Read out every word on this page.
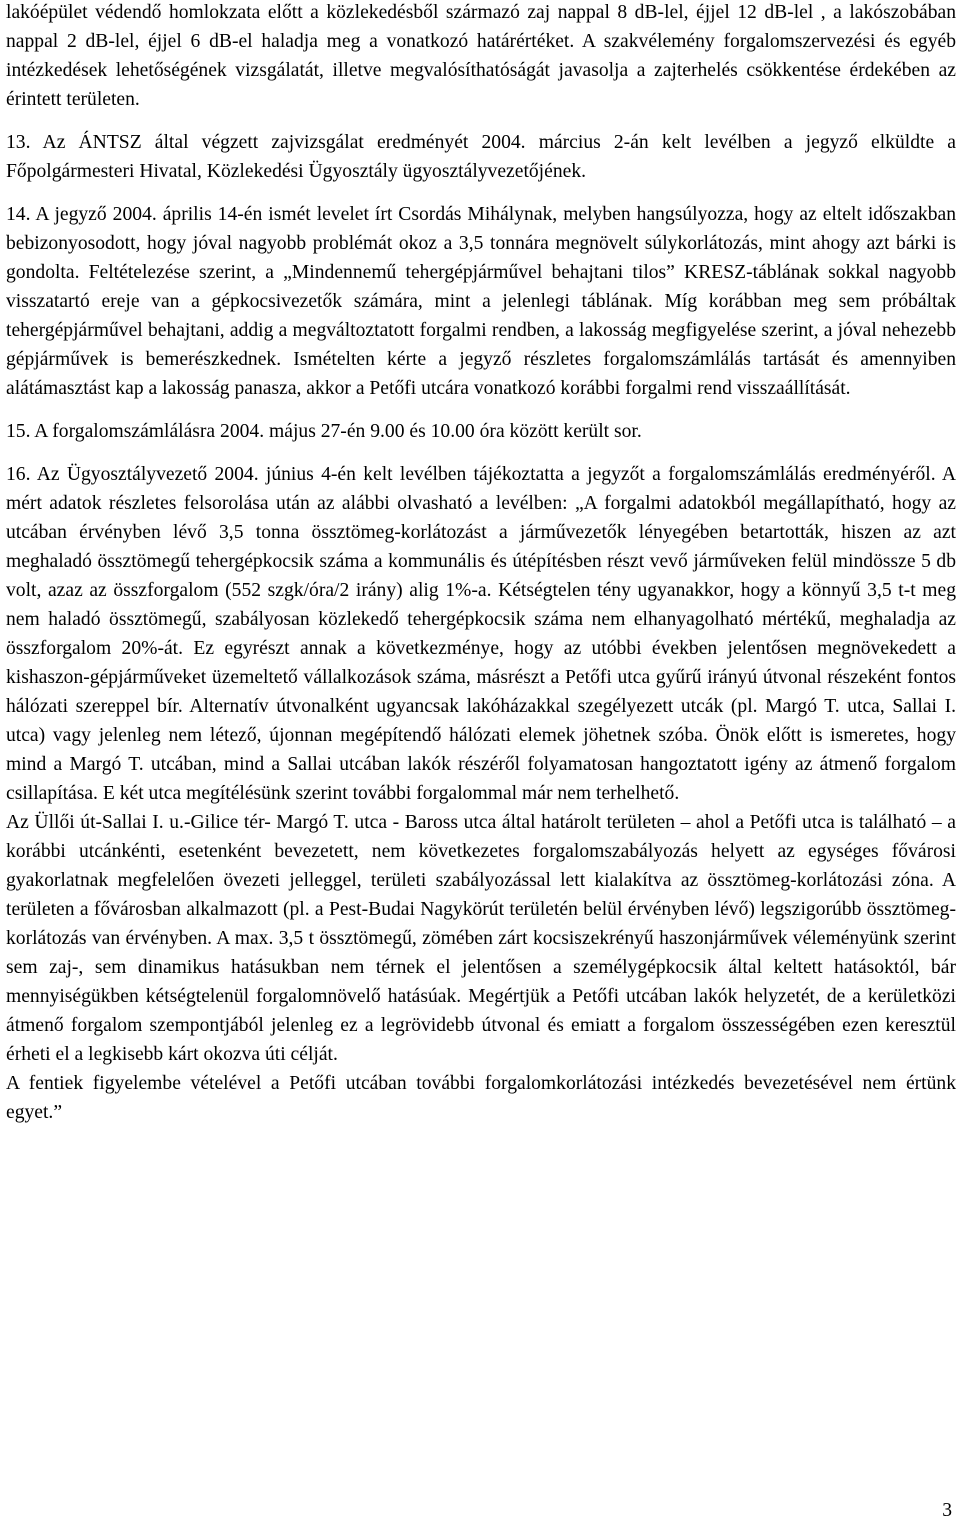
lakóépület védendő homlokzata előtt a közlekedésből származó zaj nappal 8 dB-lel, éjjel 12 dB-lel , a lakószobában nappal 2 dB-lel, éjjel 6 dB-el haladja meg a vonatkozó határértéket. A szakvélemény forgalomszervezési és egyéb intézkedések lehetőségének vizsgálatát, illetve megvalósíthatóságát javasolja a zajterhelés csökkentése érdekében az érintett területen.

13. Az ÁNTSZ által végzett zajvizsgálat eredményét 2004. március 2-án kelt levélben a jegyző elküldte a Főpolgármesteri Hivatal, Közlekedési Ügyosztály ügyosztályvezetőjének.

14. A jegyző 2004. április 14-én ismét levelet írt Csordás Mihálynak, melyben hangsúlyozza, hogy az eltelt időszakban bebizonyosodott, hogy jóval nagyobb problémát okoz a 3,5 tonnára megnövelt súlykorlátozás, mint ahogy azt bárki is gondolta. Feltételezése szerint, a „Mindennemű tehergépjárművel behajtani tilos” KRESZ-táblának sokkal nagyobb visszatartó ereje van a gépkocsivezetők számára, mint a jelenlegi táblának. Míg korábban meg sem próbáltak tehergépjárművel behajtani, addig a megváltoztatott forgalmi rendben, a lakosság megfigyelése szerint, a jóval nehezebb gépjárművek is bemerészkednek. Ismételten kérte a jegyző részletes forgalomszámlálás tartását és amennyiben alátámasztást kap a lakosság panasza, akkor a Petőfi utcára vonatkozó korábbi forgalmi rend visszaállítását.

15. A forgalomszámlálásra 2004. május 27-én 9.00 és 10.00 óra között került sor.

16. Az Ügyosztályvezető 2004. június 4-én kelt levélben tájékoztatta a jegyzőt a forgalomszámlálás eredményéről. A mért adatok részletes felsorolása után az alábbi olvasható a levélben: „A forgalmi adatokból megállapítható, hogy az utcában érvényben lévő 3,5 tonna össztömeg-korlátozást a járművezetők lényegében betartották, hiszen az azt meghaladó össztömegű tehergépkocsik száma a kommunális és útépítésben részt vevő járműveken felül mindössze 5 db volt, azaz az összforgalom (552 szgk/óra/2 irány) alig 1%-a. Kétségtelen tény ugyanakkor, hogy a könnyű 3,5 t-t meg nem haladó össztömegű, szabályosan közlekedő tehergépkocsik száma nem elhanyagolható mértékű, meghaladja az összforgalom 20%-át. Ez egyrészt annak a következménye, hogy az utóbbi években jelentősen megnövekedett a kishaszon-gépjárműveket üzemeltető vállalkozások száma, másrészt a Petőfi utca gyűrű irányú útvonal részeként fontos hálózati szereppel bír. Alternatív útvonalként ugyancsak lakóházakkal szegélyezett utcák (pl. Margó T. utca, Sallai I. utca) vagy jelenleg nem létező, újonnan megépítendő hálózati elemek jöhetnek szóba. Önök előtt is ismeretes, hogy mind a Margó T. utcában, mind a Sallai utcában lakók részéről folyamatosan hangoztatott igény az átmenő forgalom csillapítása. E két utca megítélésünk szerint további forgalommal már nem terhelhető.

Az Üllői út-Sallai I. u.-Gilice tér- Margó T. utca - Baross utca által határolt területen – ahol a Petőfi utca is található – a korábbi utcánkénti, esetenként bevezetett, nem következetes forgalomszabályozás helyett az egységes fővárosi gyakorlatnak megfelelően övezeti jelleggel, területi szabályozással lett kialakítva az össztömeg-korlátozási zóna. A területen a fővárosban alkalmazott (pl. a Pest-Budai Nagykörút területén belül érvényben lévő) legszigorúbb össztömeg-korlátozás van érvényben. A max. 3,5 t össztömegű, zömében zárt kocsiszekrényű haszonjárművek véleményünk szerint sem zaj-, sem dinamikus hatásukban nem térnek el jelentősen a személygépkocsik által keltett hatásoktól, bár mennyiségükben kétségtelenül forgalomnövelő hatásúak. Megértjük a Petőfi utcában lakók helyzetét, de a kerületközi átmenő forgalom szempontjából jelenleg ez a legrövidebb útvonal és emiatt a forgalom összességében ezen keresztül érheti el a legkisebb kárt okozva úti célját.

A fentiek figyelembe vételével a Petőfi utcában további forgalomkorlátozási intézkedés bevezetésével nem értünk egyet.”

3
